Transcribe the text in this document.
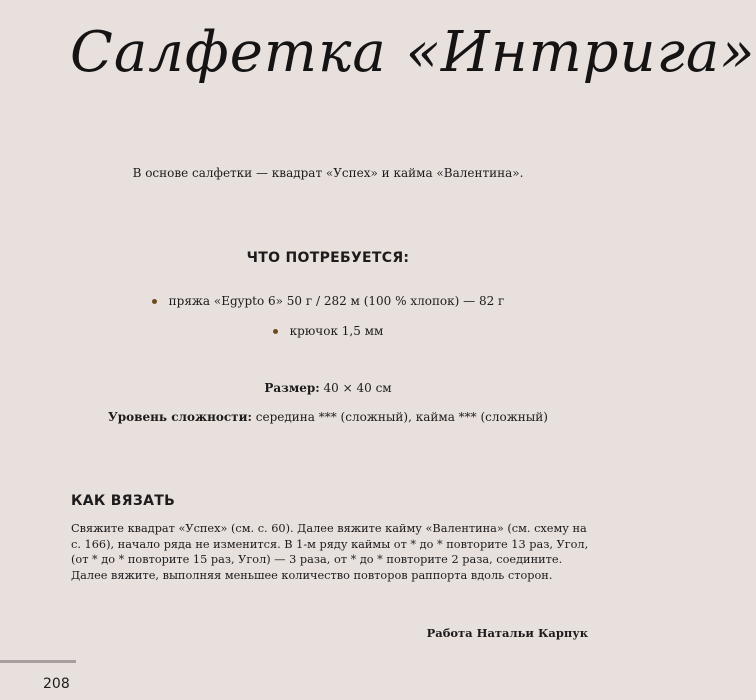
Салфетка «Интрига»
В основе салфетки — квадрат «Успех» и кайма «Валентина».
ЧТО ПОТРЕБУЕТСЯ:
пряжа «Egypto 6» 50 г / 282 м (100 % хлопок) — 82 г
крючок 1,5 мм
Размер: 40 × 40 см
Уровень сложности: середина *** (сложный), кайма *** (сложный)
КАК ВЯЗАТЬ

Свяжите квадрат «Успех» (см. с. 60). Далее вяжите кайму «Валентина» (см. схему на с. 166), начало ряда не изменится. В 1-м ряду каймы от * до * повторите 13 раз, Угол, (от * до * повторите 15 раз, Угол) — 3 раза, от * до * повторите 2 раза, соедините. Далее вяжите, выполняя меньшее количество повторов раппорта вдоль сторон.

Работа Натальи Карпук
208
